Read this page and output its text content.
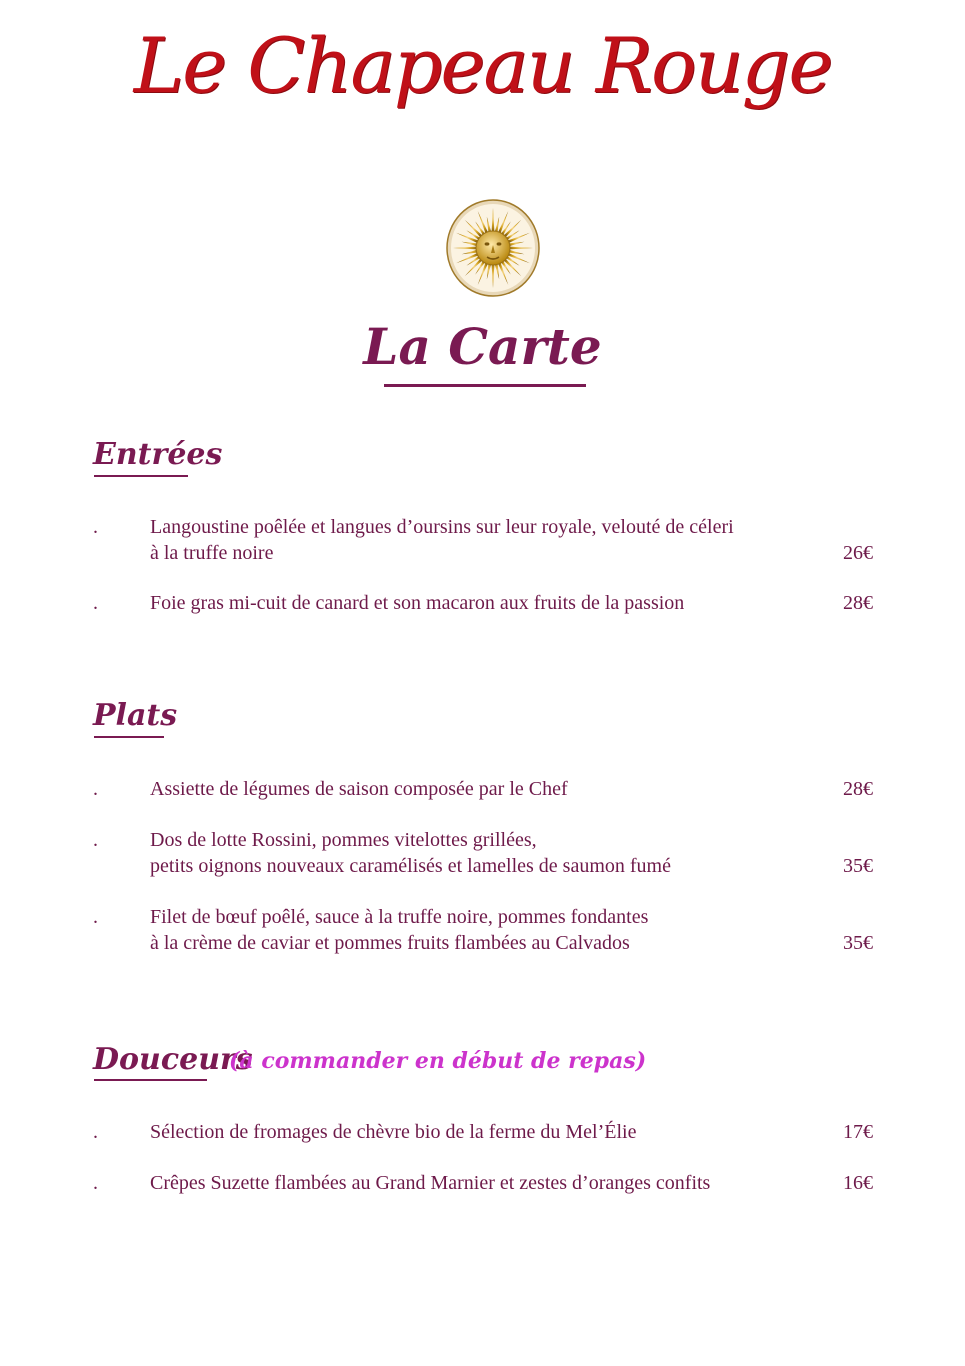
Le Chapeau Rouge
La Carte
Entrées
.	Langoustine poêlée et langues d’oursins sur leur royale, velouté de céleri
à la truffe noire	26€
.	Foie gras mi-cuit de canard et son macaron aux fruits de la passion	28€
Plats
.	Assiette de légumes de saison composée par le Chef	28€
.	Dos de lotte Rossini, pommes vitelottes grillées,
petits oignons nouveaux caramélisés et lamelles de saumon fumé	35€
.	Filet de bœuf poêlé, sauce à la truffe noire, pommes fondantes
à la crème de caviar et pommes fruits flambées au Calvados	35€
Douceurs
(à commander en début de repas)
.	Sélection de fromages de chèvre bio de la ferme du Mel’Élie	17€
.	Crêpes Suzette flambées au Grand Marnier et zestes d’oranges confits	16€
